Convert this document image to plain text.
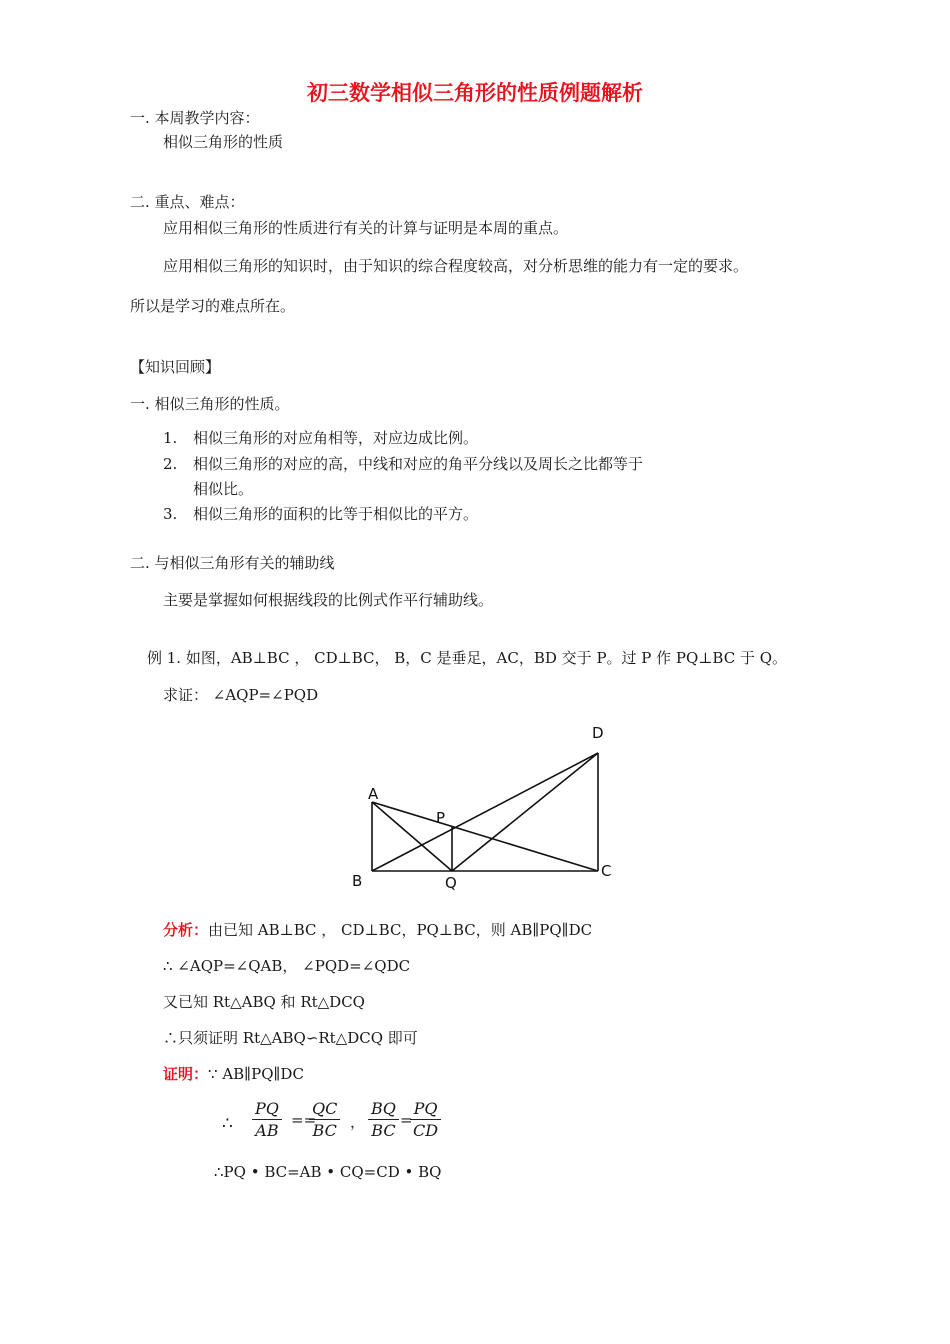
初三数学相似三角形的性质例题解析
一. 本周教学内容：
相似三角形的性质
二. 重点、难点：
应用相似三角形的性质进行有关的计算与证明是本周的重点。
应用相似三角形的知识时，由于知识的综合程度较高，对分析思维的能力有一定的要求。
所以是学习的难点所在。
【知识回顾】
一. 相似三角形的性质。
1. 相似三角形的对应角相等，对应边成比例。
2. 相似三角形的对应的高，中线和对应的角平分线以及周长之比都等于
相似比。
3. 相似三角形的面积的比等于相似比的平方。
二. 与相似三角形有关的辅助线
主要是掌握如何根据线段的比例式作平行辅助线。
例 1. 如图，AB⊥BC ， CD⊥BC， B，C 是垂足，AC，BD 交于 P。过 P 作 PQ⊥BC 于 Q。
求证： ∠AQP=∠PQD
A
B
C
D
P
Q
分析：由已知 AB⊥BC ， CD⊥BC，PQ⊥BC，则 AB∥PQ∥DC
∴ ∠AQP=∠QAB， ∠PQD=∠QDC
又已知 Rt△ABQ 和 Rt△DCQ
∴只须证明 Rt△ABQ∽Rt△DCQ 即可
证明：∵ AB∥PQ∥DC
∴
PQ
AB
==
QC
BC ，
BQ
BC
=
PQ
CD
∴PQ • BC=AB • CQ=CD • BQ
